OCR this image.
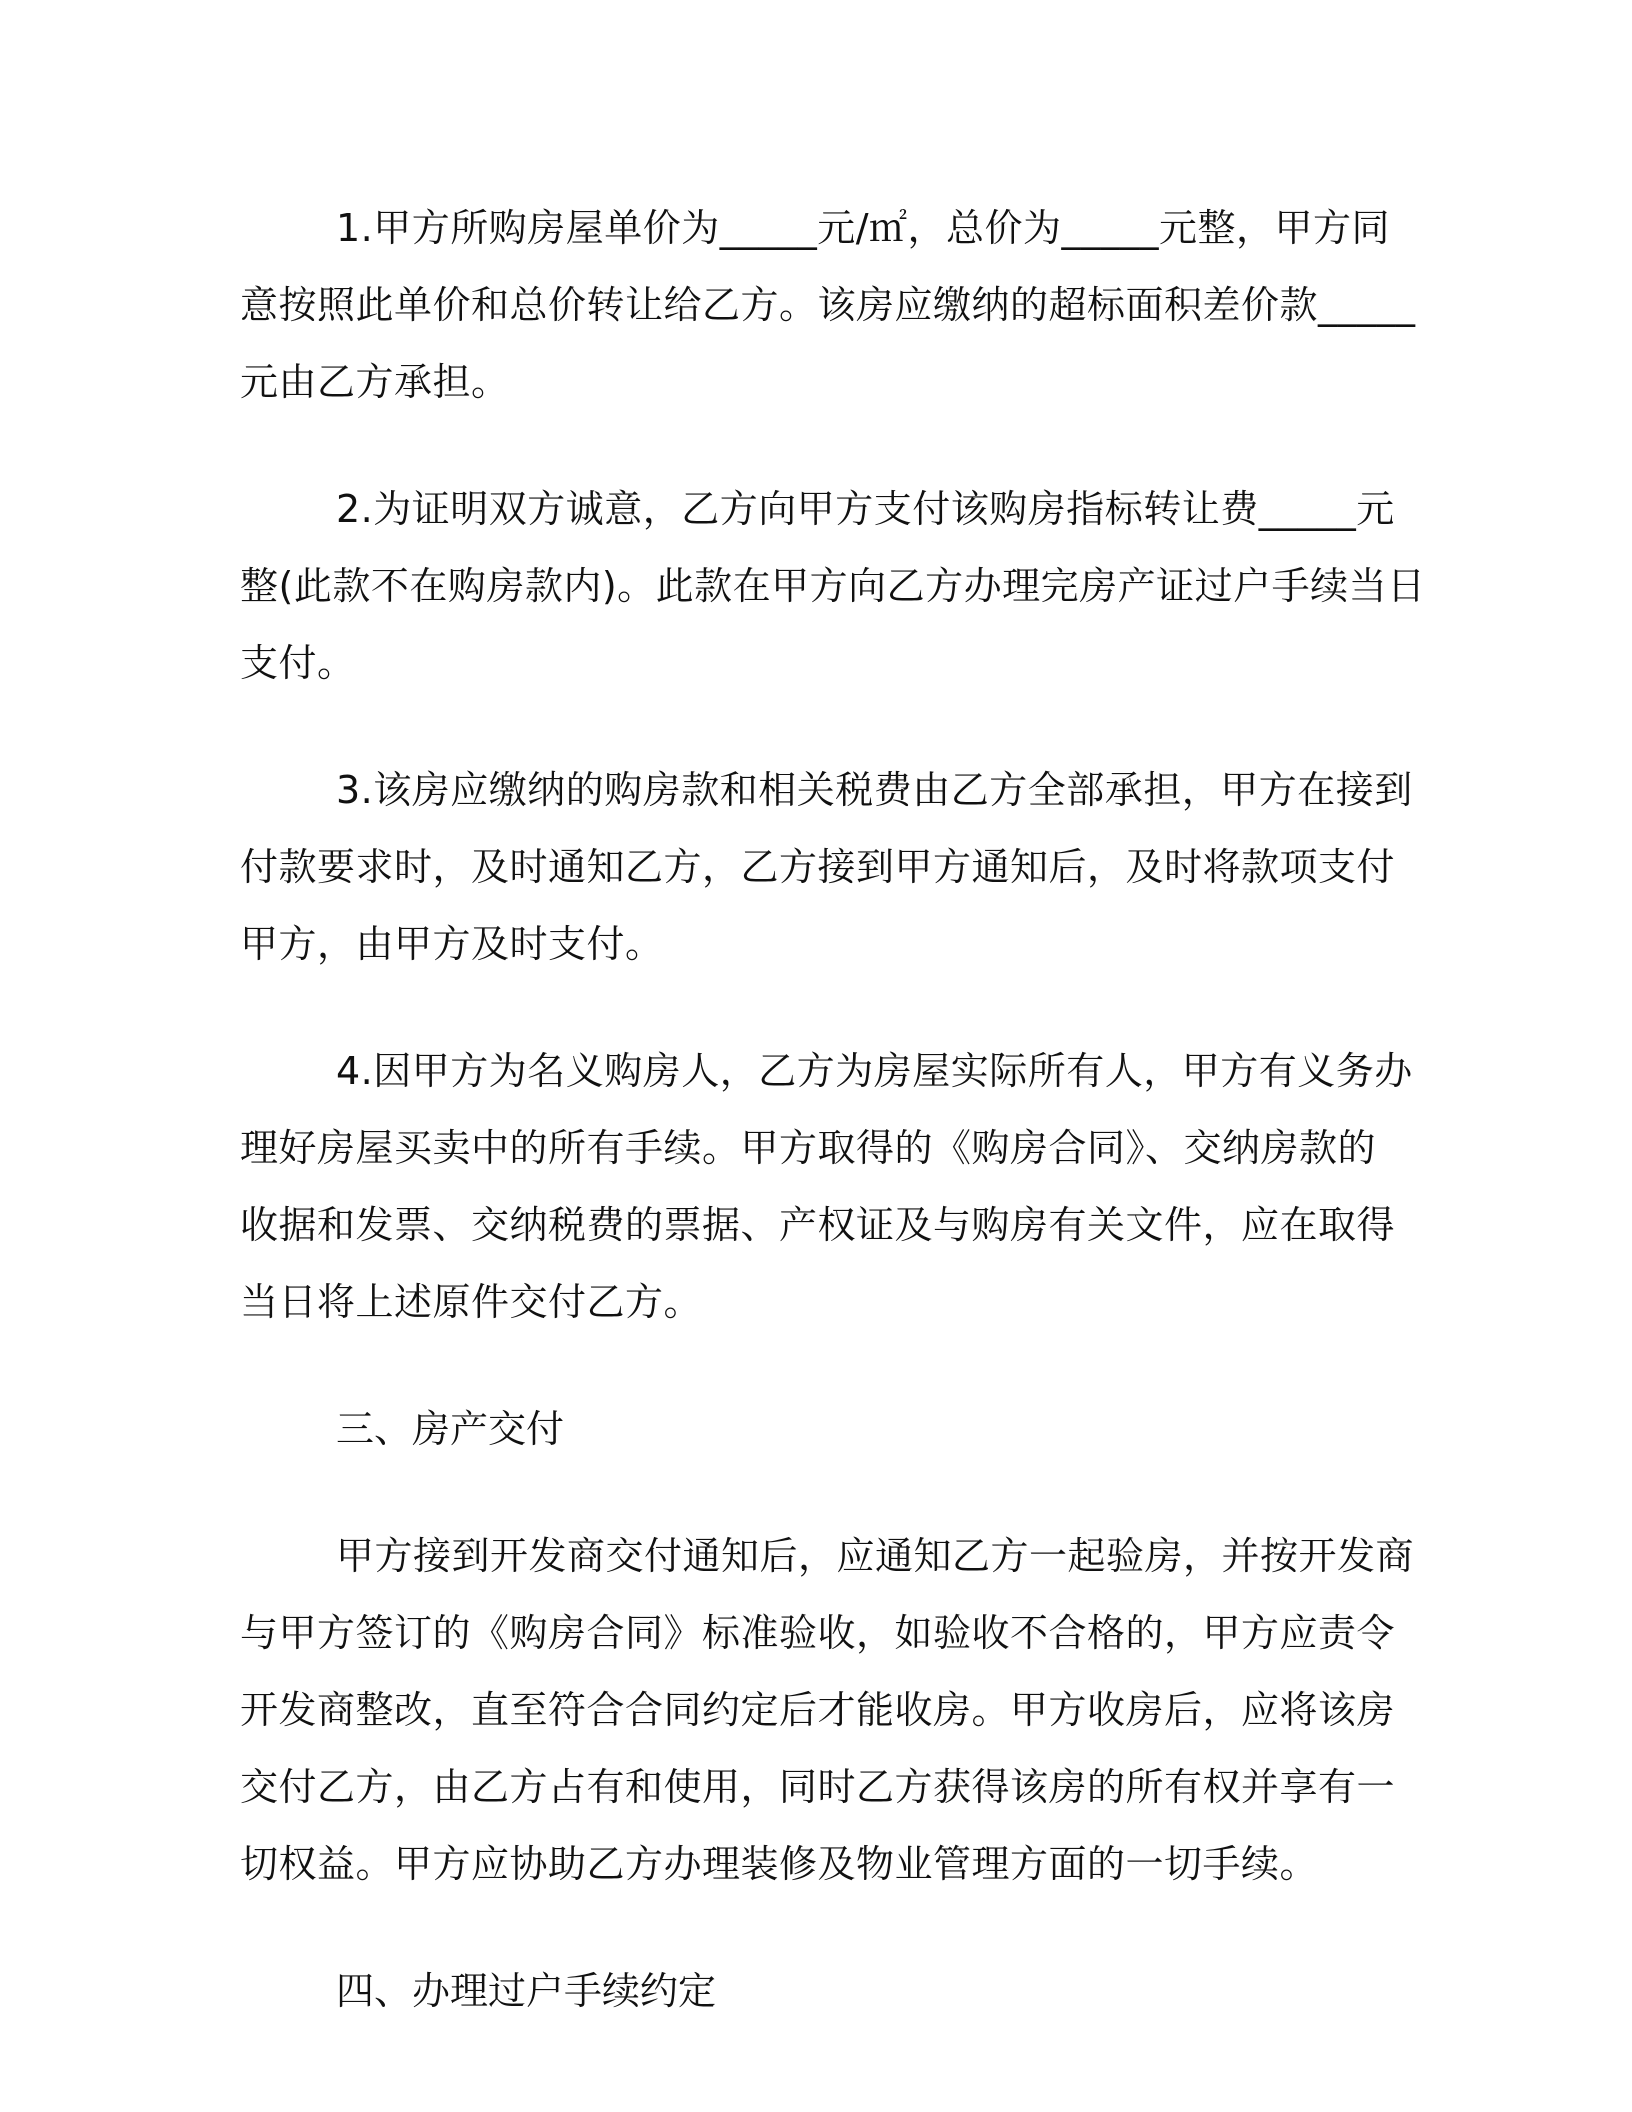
1.甲方所购房屋单价为_____元/㎡，总价为_____元整，甲方同
意按照此单价和总价转让给乙方。该房应缴纳的超标面积差价款_____
元由乙方承担。

2.为证明双方诚意，乙方向甲方支付该购房指标转让费_____元
整(此款不在购房款内)。此款在甲方向乙方办理完房产证过户手续当日
支付。

3.该房应缴纳的购房款和相关税费由乙方全部承担，甲方在接到
付款要求时，及时通知乙方，乙方接到甲方通知后，及时将款项支付
甲方，由甲方及时支付。

4.因甲方为名义购房人，乙方为房屋实际所有人，甲方有义务办
理好房屋买卖中的所有手续。甲方取得的《购房合同》、交纳房款的
收据和发票、交纳税费的票据、产权证及与购房有关文件，应在取得
当日将上述原件交付乙方。

三、房产交付

甲方接到开发商交付通知后，应通知乙方一起验房，并按开发商
与甲方签订的《购房合同》标准验收，如验收不合格的，甲方应责令
开发商整改，直至符合合同约定后才能收房。甲方收房后，应将该房
交付乙方，由乙方占有和使用，同时乙方获得该房的所有权并享有一
切权益。甲方应协助乙方办理装修及物业管理方面的一切手续。

四、办理过户手续约定
